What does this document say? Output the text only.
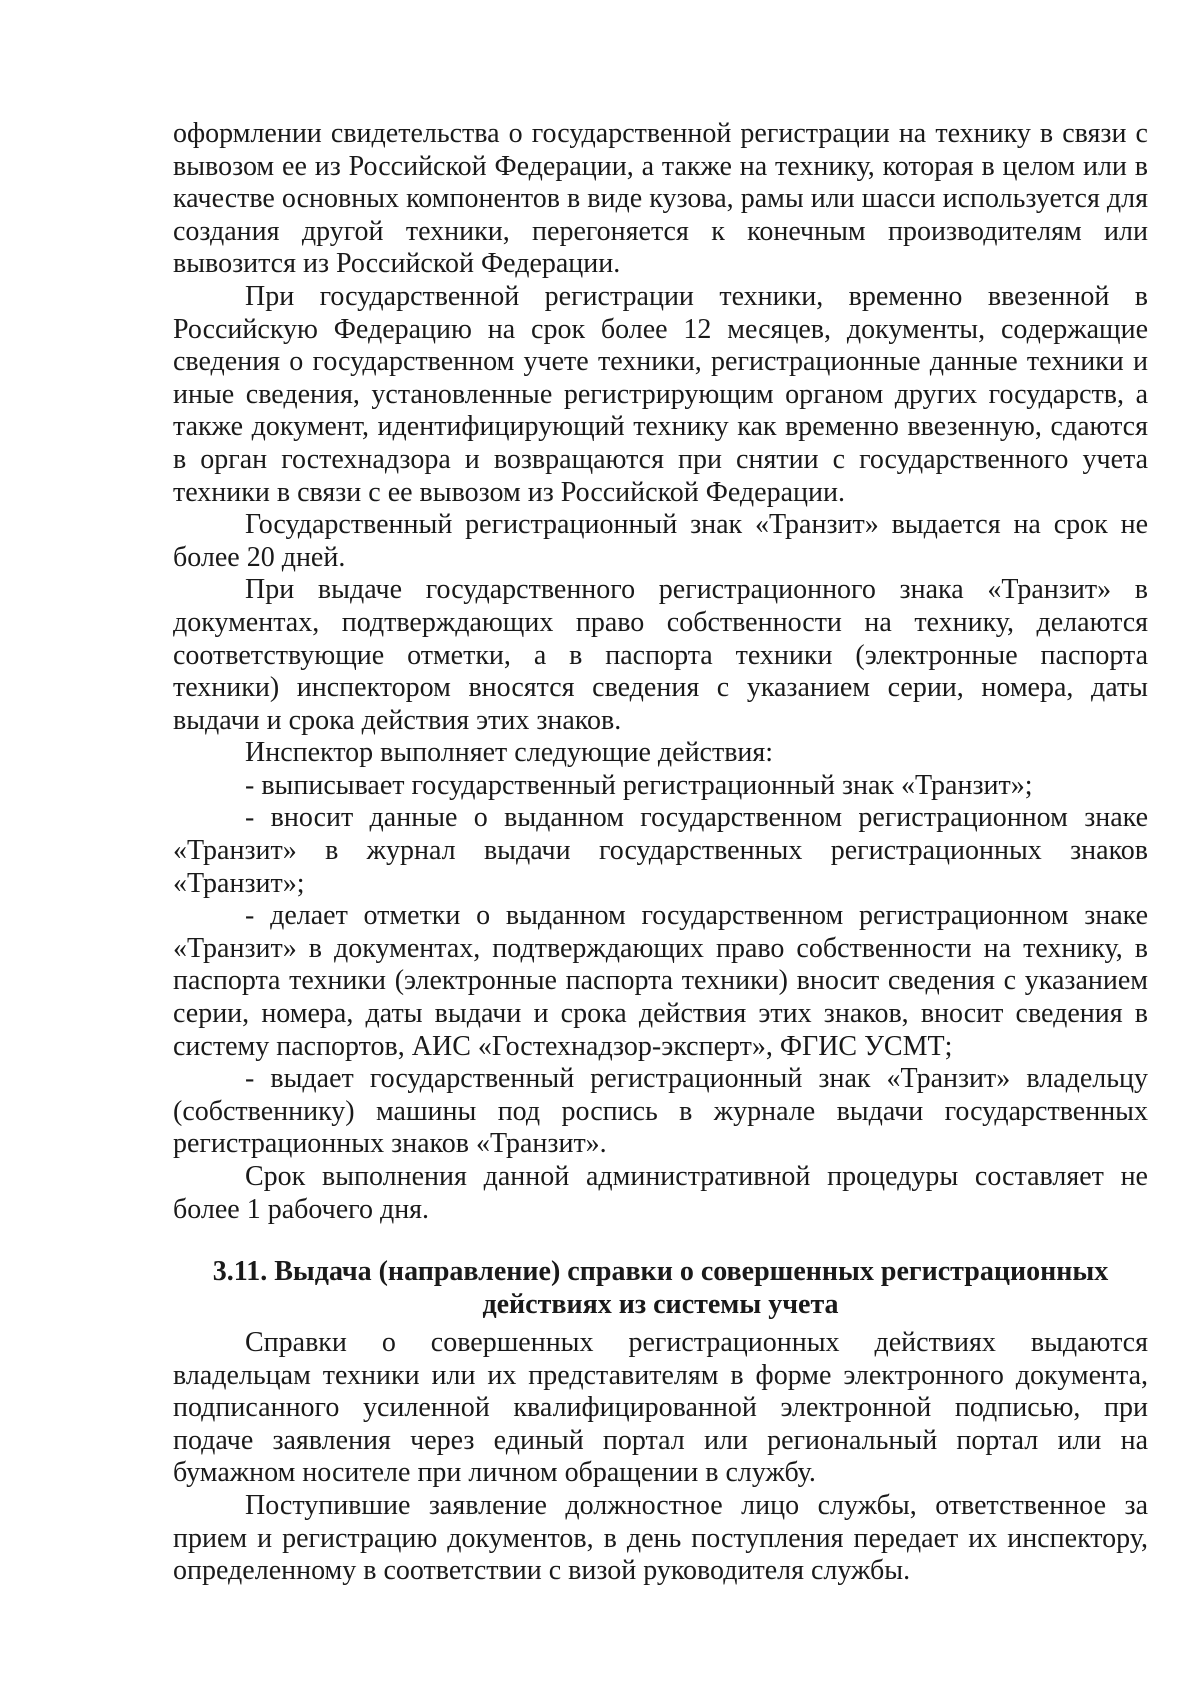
оформлении свидетельства о государственной регистрации на технику в связи с вывозом ее из Российской Федерации, а также на технику, которая в целом или в качестве основных компонентов в виде кузова, рамы или шасси используется для создания другой техники, перегоняется к конечным производителям или вывозится из Российской Федерации.

При государственной регистрации техники, временно ввезенной в Российскую Федерацию на срок более 12 месяцев, документы, содержащие сведения о государственном учете техники, регистрационные данные техники и иные сведения, установленные регистрирующим органом других государств, а также документ, идентифицирующий технику как временно ввезенную, сдаются в орган гостехнадзора и возвращаются при снятии с государственного учета техники в связи с ее вывозом из Российской Федерации.

Государственный регистрационный знак «Транзит» выдается на срок не более 20 дней.

При выдаче государственного регистрационного знака «Транзит» в документах, подтверждающих право собственности на технику, делаются соответствующие отметки, а в паспорта техники (электронные паспорта техники) инспектором вносятся сведения с указанием серии, номера, даты выдачи и срока действия этих знаков.

Инспектор выполняет следующие действия:

- выписывает государственный регистрационный знак «Транзит»;

- вносит данные о выданном государственном регистрационном знаке «Транзит» в журнал выдачи государственных регистрационных знаков «Транзит»;

- делает отметки о выданном государственном регистрационном знаке «Транзит» в документах, подтверждающих право собственности на технику, в паспорта техники (электронные паспорта техники) вносит сведения с указанием серии, номера, даты выдачи и срока действия этих знаков, вносит сведения в систему паспортов, АИС «Гостехнадзор-эксперт», ФГИС УСМТ;

- выдает государственный регистрационный знак «Транзит» владельцу (собственнику) машины под роспись в журнале выдачи государственных регистрационных знаков «Транзит».

Срок выполнения данной административной процедуры составляет не более 1 рабочего дня.

3.11. Выдача (направление) справки о совершенных регистрационных
действиях из системы учета

Справки о совершенных регистрационных действиях выдаются владельцам техники или их представителям в форме электронного документа, подписанного усиленной квалифицированной электронной подписью, при подаче заявления через единый портал или региональный портал или на бумажном носителе при личном обращении в службу.

Поступившие заявление должностное лицо службы, ответственное за прием и регистрацию документов, в день поступления передает их инспектору, определенному в соответствии с визой руководителя службы.
